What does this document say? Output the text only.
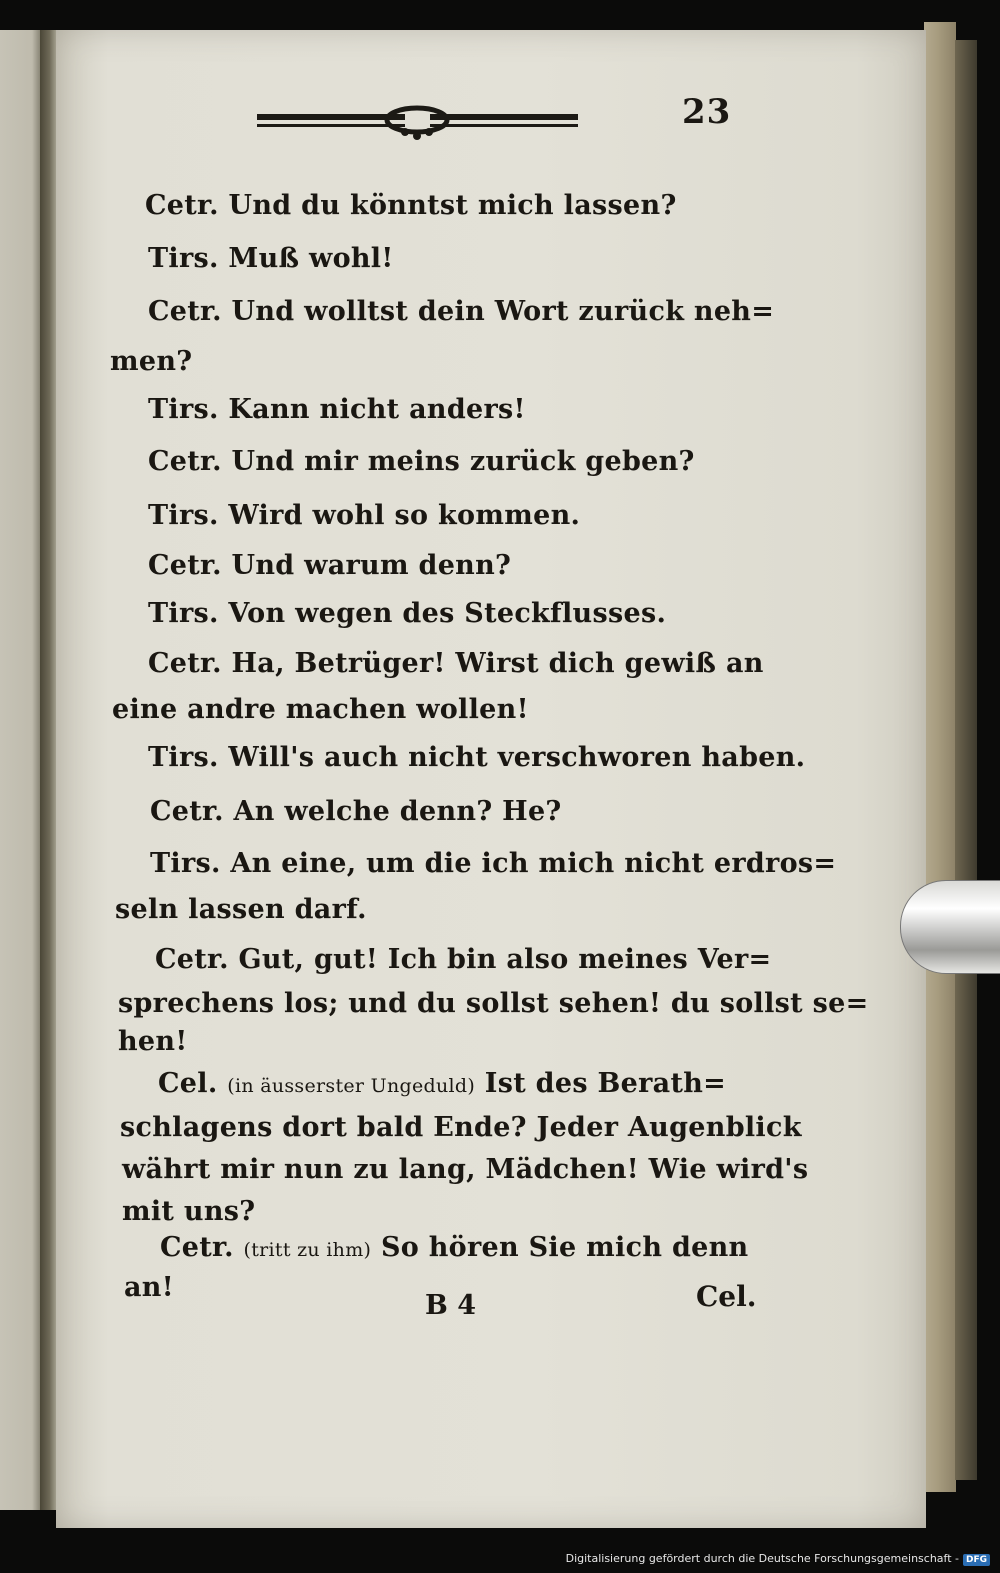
23
Cetr. Und du könntst mich lassen?
Tirs. Muß wohl!
Cetr. Und wolltst dein Wort zurück neh=
men?
Tirs. Kann nicht anders!
Cetr. Und mir meins zurück geben?
Tirs. Wird wohl so kommen.
Cetr. Und warum denn?
Tirs. Von wegen des Steckflusses.
Cetr. Ha, Betrüger! Wirst dich gewiß an
eine andre machen wollen!
Tirs. Will's auch nicht verschworen haben.
Cetr. An welche denn? He?
Tirs. An eine, um die ich mich nicht erdros=
seln lassen darf.
Cetr. Gut, gut! Ich bin also meines Ver=
sprechens los; und du sollst sehen! du sollst se=
hen!
Cel. (in äusserster Ungeduld) Ist des Berath=
schlagens dort bald Ende? Jeder Augenblick
währt mir nun zu lang, Mädchen! Wie wird's
mit uns?
Cetr. (tritt zu ihm) So hören Sie mich denn
an!
B 4	Cel.
Digitalisierung gefördert durch die Deutsche Forschungsgemeinschaft - DFG
